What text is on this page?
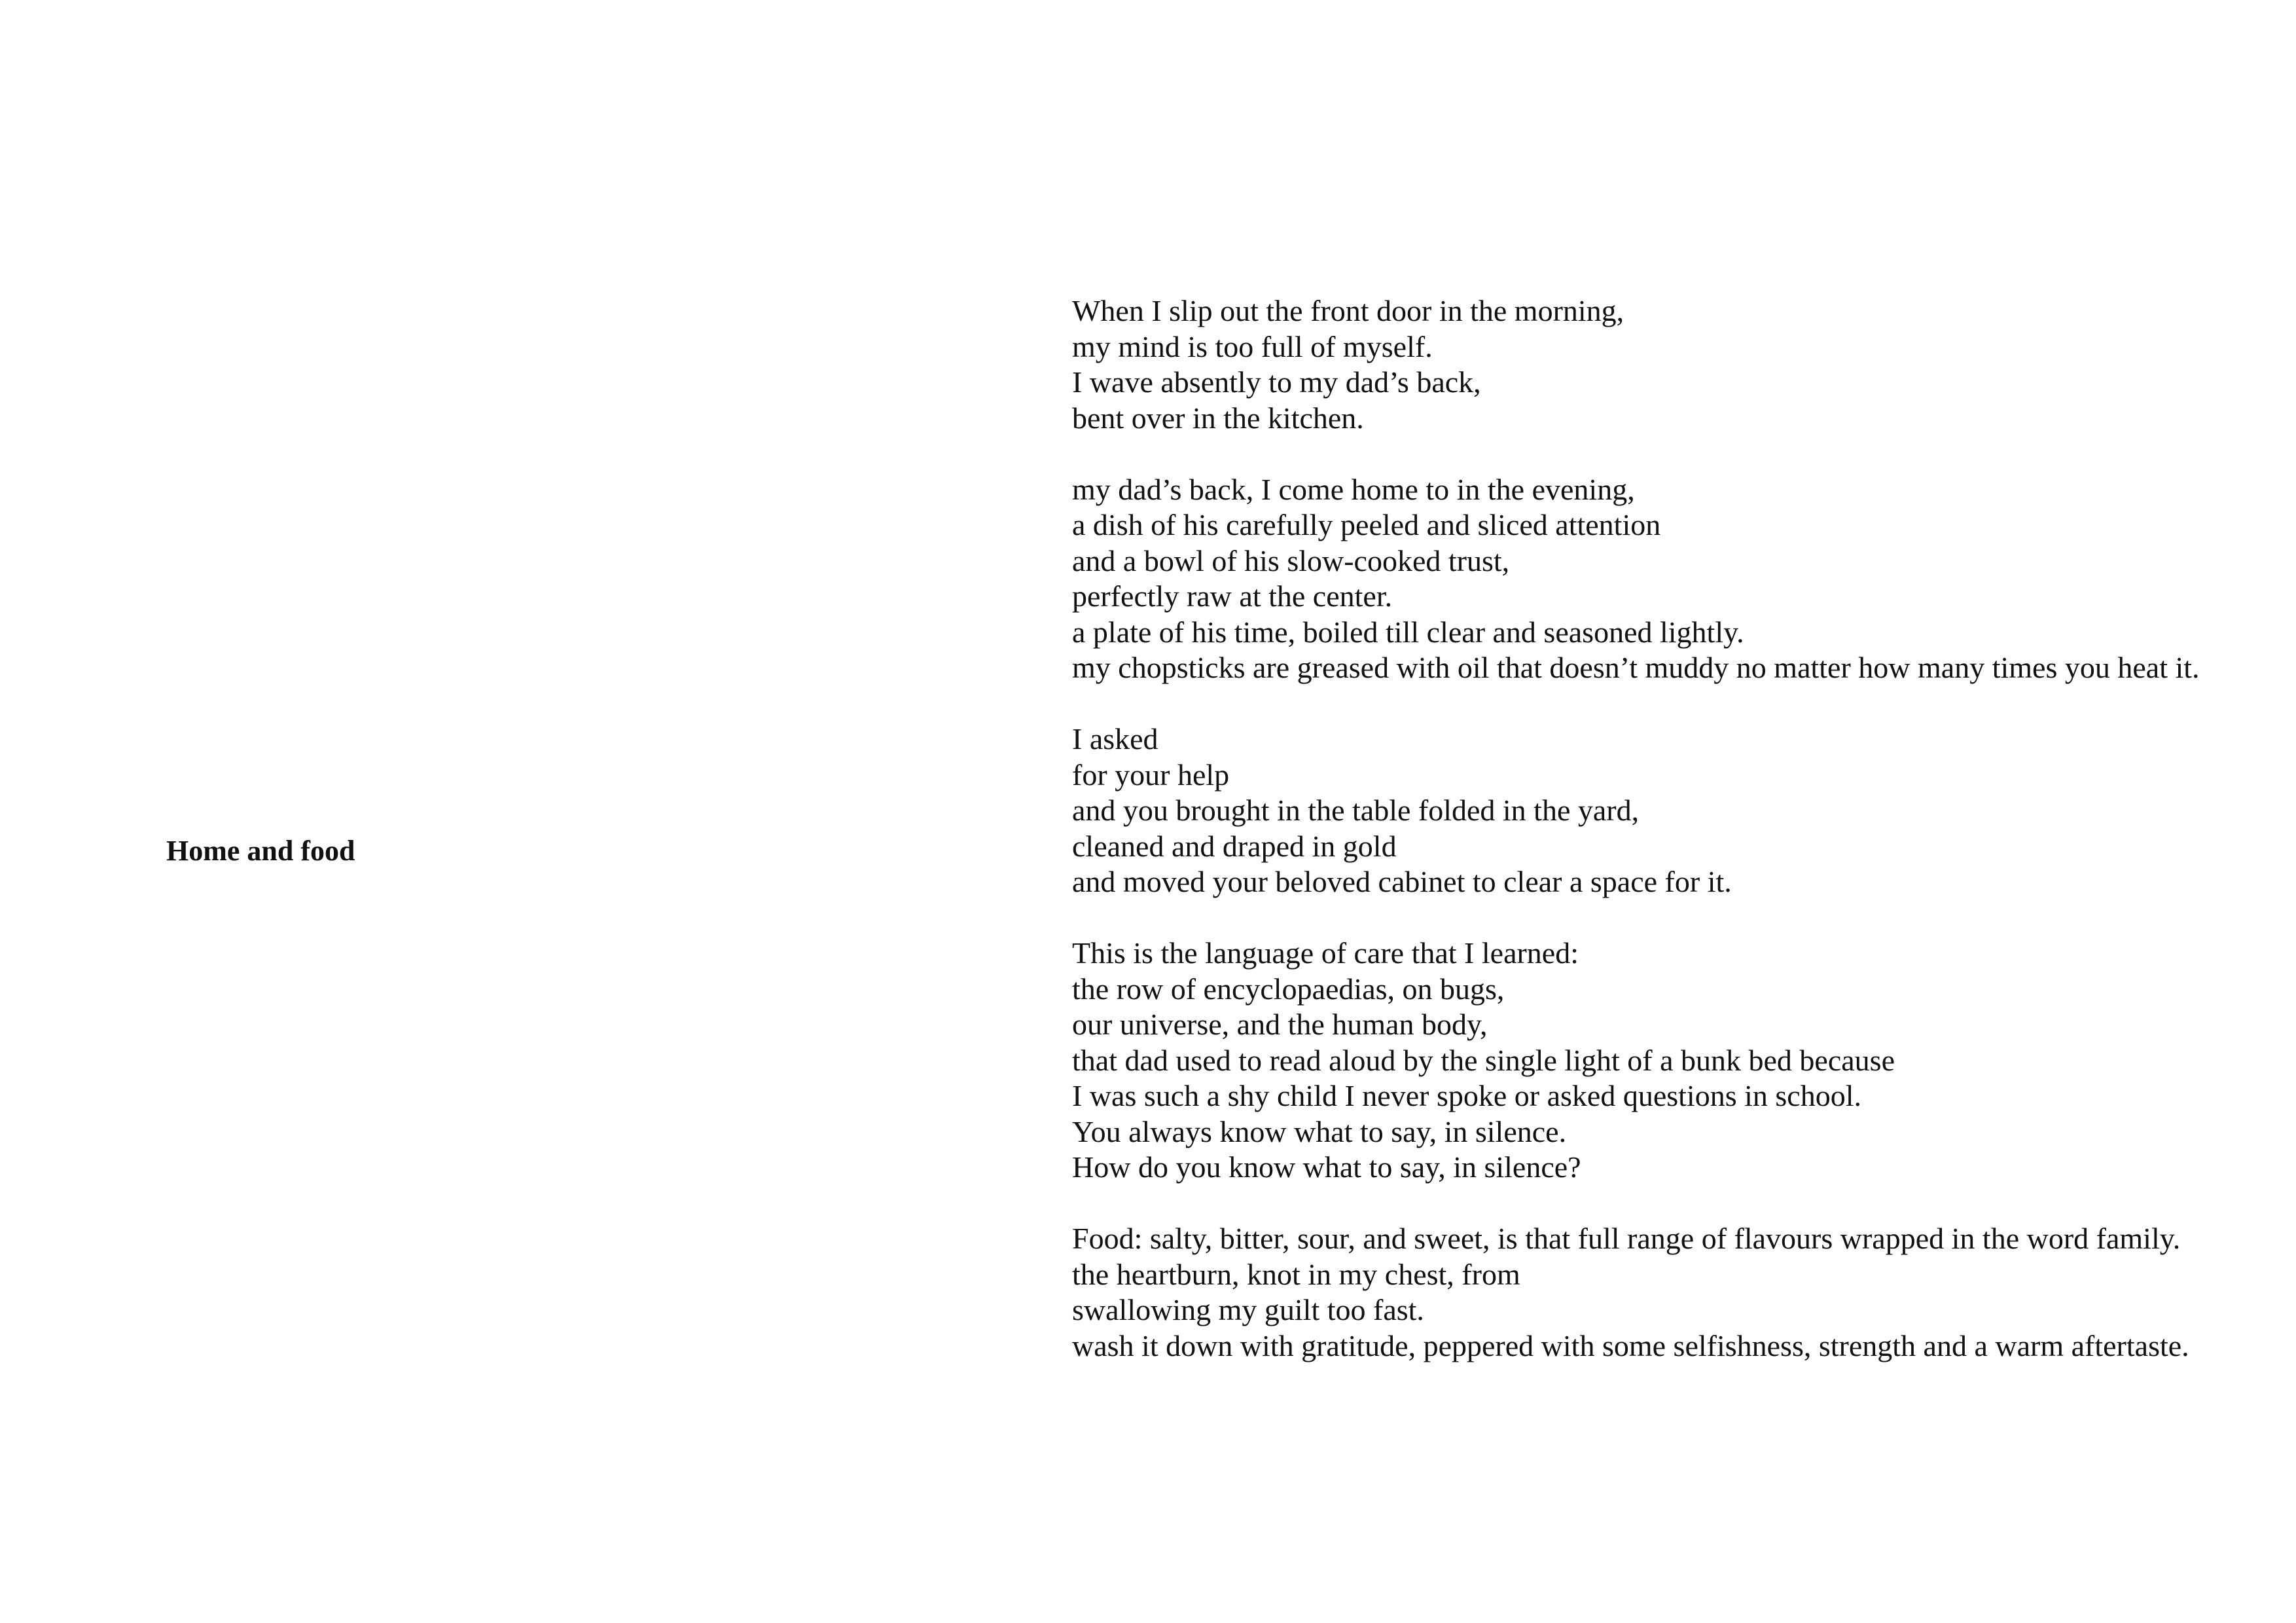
Home and food
When I slip out the front door in the morning,
my mind is too full of myself.
I wave absently to my dad’s back,
bent over in the kitchen.
my dad’s back, I come home to in the evening,
a dish of his carefully peeled and sliced attention
and a bowl of his slow-cooked trust,
perfectly raw at the center.
a plate of his time, boiled till clear and seasoned lightly.
my chopsticks are greased with oil that doesn’t muddy no matter how many times you heat it.
I asked
for your help
and you brought in the table folded in the yard,
cleaned and draped in gold
and moved your beloved cabinet to clear a space for it.
This is the language of care that I learned:
the row of encyclopaedias, on bugs,
our universe, and the human body,
that dad used to read aloud by the single light of a bunk bed because
I was such a shy child I never spoke or asked questions in school.
You always know what to say, in silence.
How do you know what to say, in silence?
Food: salty, bitter, sour, and sweet, is that full range of flavours wrapped in the word family.
the heartburn, knot in my chest, from
swallowing my guilt too fast.
wash it down with gratitude, peppered with some selfishness, strength and a warm aftertaste.
